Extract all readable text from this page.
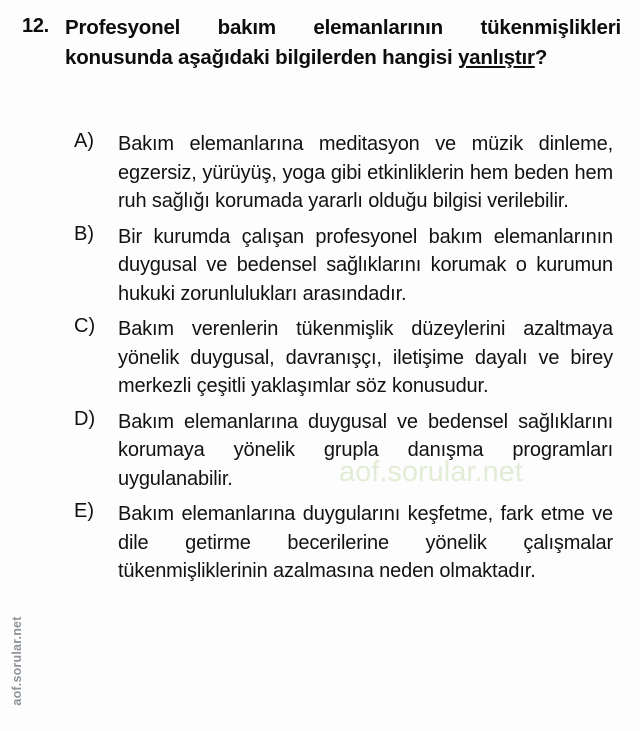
aof.sorular.net
aof.sorular.net
12. Profesyonel bakım elemanlarının tükenmişlikleri konusunda aşağıdaki bilgilerden hangisi yanlıştır?
A)	Bakım elemanlarına meditasyon ve müzik dinleme, egzersiz, yürüyüş, yoga gibi etkinliklerin hem beden hem ruh sağlığı korumada yararlı olduğu bilgisi verilebilir.
B)	Bir kurumda çalışan profesyonel bakım elemanlarının duygusal ve bedensel sağlıklarını korumak o kurumun hukuki zorunlulukları arasındadır.
C)	Bakım verenlerin tükenmişlik düzeylerini azaltmaya yönelik duygusal, davranışçı, iletişime dayalı ve birey merkezli çeşitli yaklaşımlar söz konusudur.
D)	Bakım elemanlarına duygusal ve bedensel sağlıklarını korumaya yönelik grupla danışma programları uygulanabilir.
E)	Bakım elemanlarına duygularını keşfetme, fark etme ve dile getirme becerilerine yönelik çalışmalar tükenmişliklerinin azalmasına neden olmaktadır.
